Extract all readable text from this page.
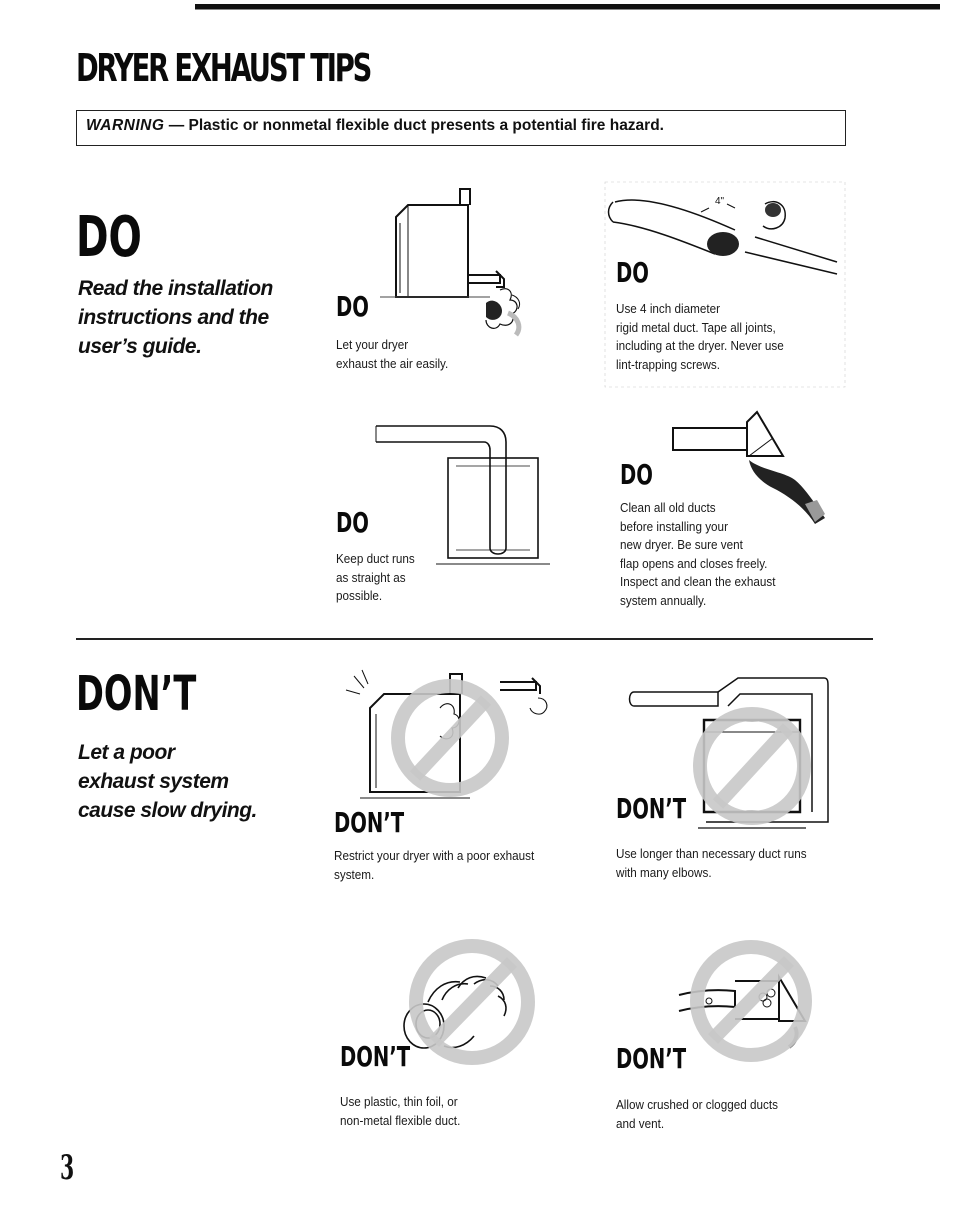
DRYER EXHAUST TIPS
WARNING — Plastic or nonmetal flexible duct presents a potential fire hazard.
DO
Read the installation
instructions and the
user’s guide.
DO
Let your dryer
exhaust the air easily.
4"
DO
Use 4 inch diameter
rigid metal duct. Tape all joints,
including at the dryer. Never use
lint-trapping screws.
DO
Keep duct runs
as straight as
possible.
DO
Clean all old ducts
before installing your
new dryer. Be sure vent
flap opens and closes freely.
Inspect and clean the exhaust
system annually.
DON’T
Let a poor
exhaust system
cause slow drying.	DON’T
Restrict your dryer with a poor exhaust
system.
DON’T
Use longer than necessary duct runs
with many elbows.
DON’T
Use plastic, thin foil, or
non-metal flexible duct.
DON’T
Allow crushed or clogged ducts
and vent.
3
